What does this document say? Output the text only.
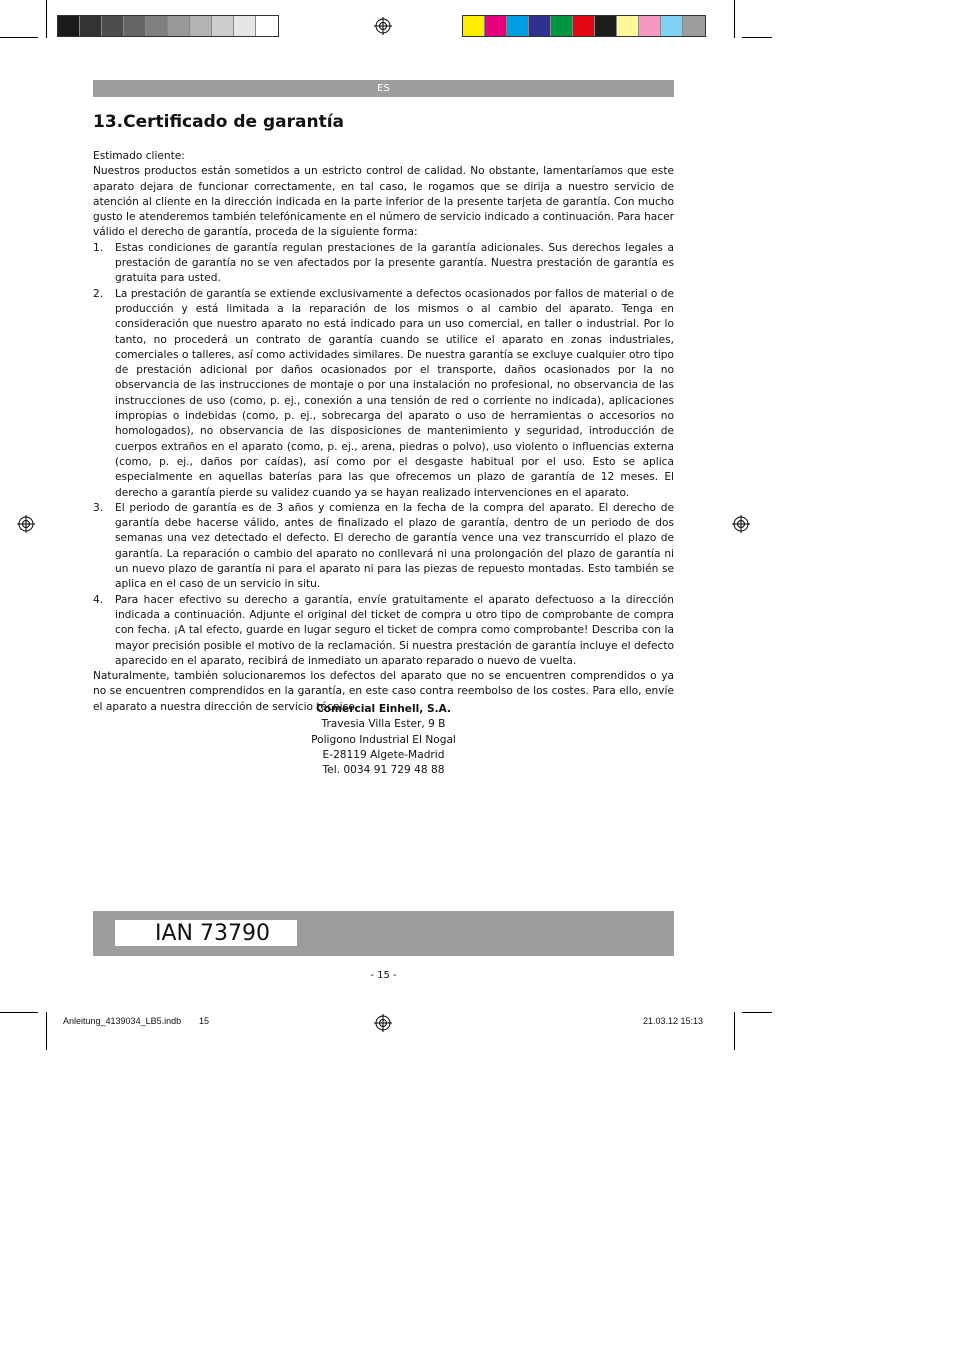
ES
13.Certificado de garantía

Estimado cliente:

Nuestros productos están sometidos a un estricto control de calidad. No obstante, lamentaríamos que este aparato dejara de funcionar correctamente, en tal caso, le rogamos que se dirija a nuestro servicio de atención al cliente en la dirección indicada en la parte inferior de la presente tarjeta de garantía. Con mucho gusto le atenderemos también telefónicamente en el número de servicio indicado a continuación. Para hacer válido el derecho de garantía, proceda de la siguiente forma:

1. Estas condiciones de garantía regulan prestaciones de la garantía adicionales. Sus derechos legales a prestación de garantía no se ven afectados por la presente garantía. Nuestra prestación de garantía es gratuita para usted.
2. La prestación de garantía se extiende exclusivamente a defectos ocasionados por fallos de material o de producción y está limitada a la reparación de los mismos o al cambio del aparato. Tenga en consideración que nuestro aparato no está indicado para un uso comercial, en taller o industrial. Por lo tanto, no procederá un contrato de garantía cuando se utilice el aparato en zonas industriales, comerciales o talleres, así como actividades similares. De nuestra garantía se excluye cualquier otro tipo de prestación adicional por daños ocasionados por el transporte, daños ocasionados por la no observancia de las instrucciones de montaje o por una instalación no profesional, no observancia de las instrucciones de uso (como, p. ej., conexión a una tensión de red o corriente no indicada), aplicaciones impropias o indebidas (como, p. ej., sobrecarga del aparato o uso de herramientas o accesorios no homologados), no observancia de las disposiciones de mantenimiento y seguridad, introducción de cuerpos extraños en el aparato (como, p. ej., arena, piedras o polvo), uso violento o influencias externa (como, p. ej., daños por caídas), así como por el desgaste habitual por el uso. Esto se aplica especialmente en aquellas baterías para las que ofrecemos un plazo de garantía de 12 meses. El derecho a garantía pierde su validez cuando ya se hayan realizado intervenciones en el aparato.
3. El periodo de garantía es de 3 años y comienza en la fecha de la compra del aparato. El derecho de garantía debe hacerse válido, antes de finalizado el plazo de garantía, dentro de un periodo de dos semanas una vez detectado el defecto. El derecho de garantía vence una vez transcurrido el plazo de garantía. La reparación o cambio del aparato no conllevará ni una prolongación del plazo de garantía ni un nuevo plazo de garantía ni para el aparato ni para las piezas de repuesto montadas. Esto también se aplica en el caso de un servicio in situ.
4. Para hacer efectivo su derecho a garantía, envíe gratuitamente el aparato defectuoso a la dirección indicada a continuación. Adjunte el original del ticket de compra u otro tipo de comprobante de compra con fecha. ¡A tal efecto, guarde en lugar seguro el ticket de compra como comprobante! Describa con la mayor precisión posible el motivo de la reclamación. Si nuestra prestación de garantía incluye el defecto aparecido en el aparato, recibirá de inmediato un aparato reparado o nuevo de vuelta.

Naturalmente, también solucionaremos los defectos del aparato que no se encuentren comprendidos o ya no se encuentren comprendidos en la garantía, en este caso contra reembolso de los costes. Para ello, envíe el aparato a nuestra dirección de servicio técnico.

Comercial Einhell, S.A.
Travesia Villa Ester, 9 B
Poligono Industrial El Nogal
E-28119 Algete-Madrid
Tel. 0034 91 729 48 88
IAN 73790
- 15 -
Anleitung_4139034_LB5.indb 15	21.03.12 15:13
